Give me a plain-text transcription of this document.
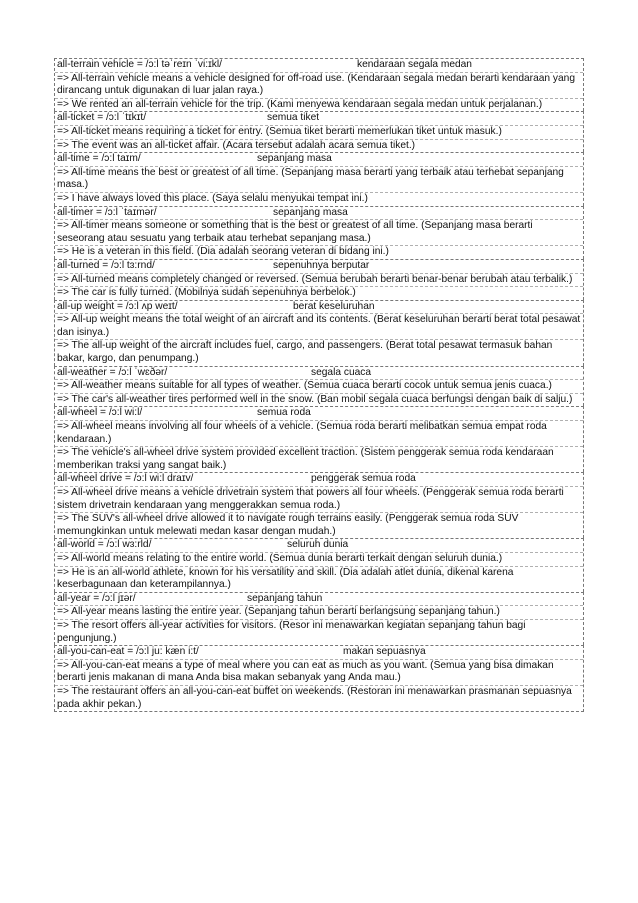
all-terrain vehicle = /ɔ:l təˈreɪn ˈvi:ɪkl/	kendaraan segala medan
=> All-terrain vehicle means a vehicle designed for off-road use. (Kendaraan segala medan berarti kendaraan yang dirancang untuk digunakan di luar jalan raya.)
=> We rented an all-terrain vehicle for the trip. (Kami menyewa kendaraan segala medan untuk perjalanan.)
all-ticket = /ɔ:l ˈtɪkɪt/	semua tiket
=> All-ticket means requiring a ticket for entry. (Semua tiket berarti memerlukan tiket untuk masuk.)
=> The event was an all-ticket affair. (Acara tersebut adalah acara semua tiket.)
all-time = /ɔ:l taɪm/	sepanjang masa
=> All-time means the best or greatest of all time. (Sepanjang masa berarti yang terbaik atau terhebat sepanjang masa.)
=> I have always loved this place. (Saya selalu menyukai tempat ini.)
all-timer = /ɔ:l ˈtaɪmər/	sepanjang masa
=> All-timer means someone or something that is the best or greatest of all time. (Sepanjang masa berarti seseorang atau sesuatu yang terbaik atau terhebat sepanjang masa.)
=> He is a veteran in this field. (Dia adalah seorang veteran di bidang ini.)
all-turned = /ɔ:l tɜ:rnd/	sepenuhnya berputar
=> All-turned means completely changed or reversed. (Semua berubah berarti benar-benar berubah atau terbalik.)
=> The car is fully turned. (Mobilnya sudah sepenuhnya berbelok.)
all-up weight = /ɔ:l ʌp weɪt/	berat keseluruhan
=> All-up weight means the total weight of an aircraft and its contents. (Berat keseluruhan berarti berat total pesawat dan isinya.)
=> The all-up weight of the aircraft includes fuel, cargo, and passengers. (Berat total pesawat termasuk bahan bakar, kargo, dan penumpang.)
all-weather = /ɔ:l ˈwɛðər/	segala cuaca
=> All-weather means suitable for all types of weather. (Semua cuaca berarti cocok untuk semua jenis cuaca.)
=> The car's all-weather tires performed well in the snow. (Ban mobil segala cuaca berfungsi dengan baik di salju.)
all-wheel = /ɔ:l wi:l/	semua roda
=> All-wheel means involving all four wheels of a vehicle. (Semua roda berarti melibatkan semua empat roda kendaraan.)
=> The vehicle's all-wheel drive system provided excellent traction. (Sistem penggerak semua roda kendaraan memberikan traksi yang sangat baik.)
all-wheel drive = /ɔ:l wi:l draɪv/	penggerak semua roda
=> All-wheel drive means a vehicle drivetrain system that powers all four wheels. (Penggerak semua roda berarti sistem drivetrain kendaraan yang menggerakkan semua roda.)
=> The SUV's all-wheel drive allowed it to navigate rough terrains easily. (Penggerak semua roda SUV memungkinkan untuk melewati medan kasar dengan mudah.)
all-world = /ɔ:l wɜ:rld/	seluruh dunia
=> All-world means relating to the entire world. (Semua dunia berarti terkait dengan seluruh dunia.)
=> He is an all-world athlete, known for his versatility and skill. (Dia adalah atlet dunia, dikenal karena keserbagunaan dan keterampilannya.)
all-year = /ɔ:l jɪər/	sepanjang tahun
=> All-year means lasting the entire year. (Sepanjang tahun berarti berlangsung sepanjang tahun.)
=> The resort offers all-year activities for visitors. (Resor ini menawarkan kegiatan sepanjang tahun bagi pengunjung.)
all-you-can-eat = /ɔ:l ju: kæn i:t/	makan sepuasnya
=> All-you-can-eat means a type of meal where you can eat as much as you want. (Semua yang bisa dimakan berarti jenis makanan di mana Anda bisa makan sebanyak yang Anda mau.)
=> The restaurant offers an all-you-can-eat buffet on weekends. (Restoran ini menawarkan prasmanan sepuasnya pada akhir pekan.)
